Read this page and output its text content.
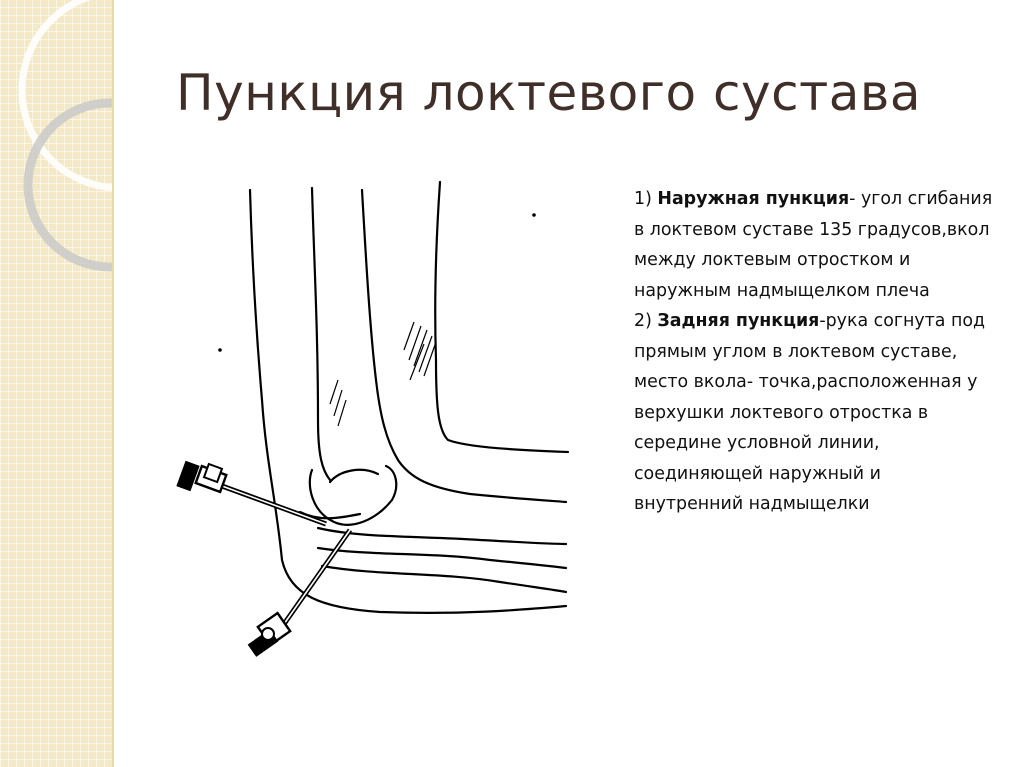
Пункция локтевого сустава

1) Наружная пункция- угол сгибания в локтевом суставе 135 градусов,вкол между локтевым отростком и наружным надмыщелком плеча

2) Задняя пункция-рука согнута под прямым углом в локтевом суставе, место вкола- точка,расположенная у верхушки локтевого отростка в середине условной линии, соединяющей наружный и внутренний надмыщелки
